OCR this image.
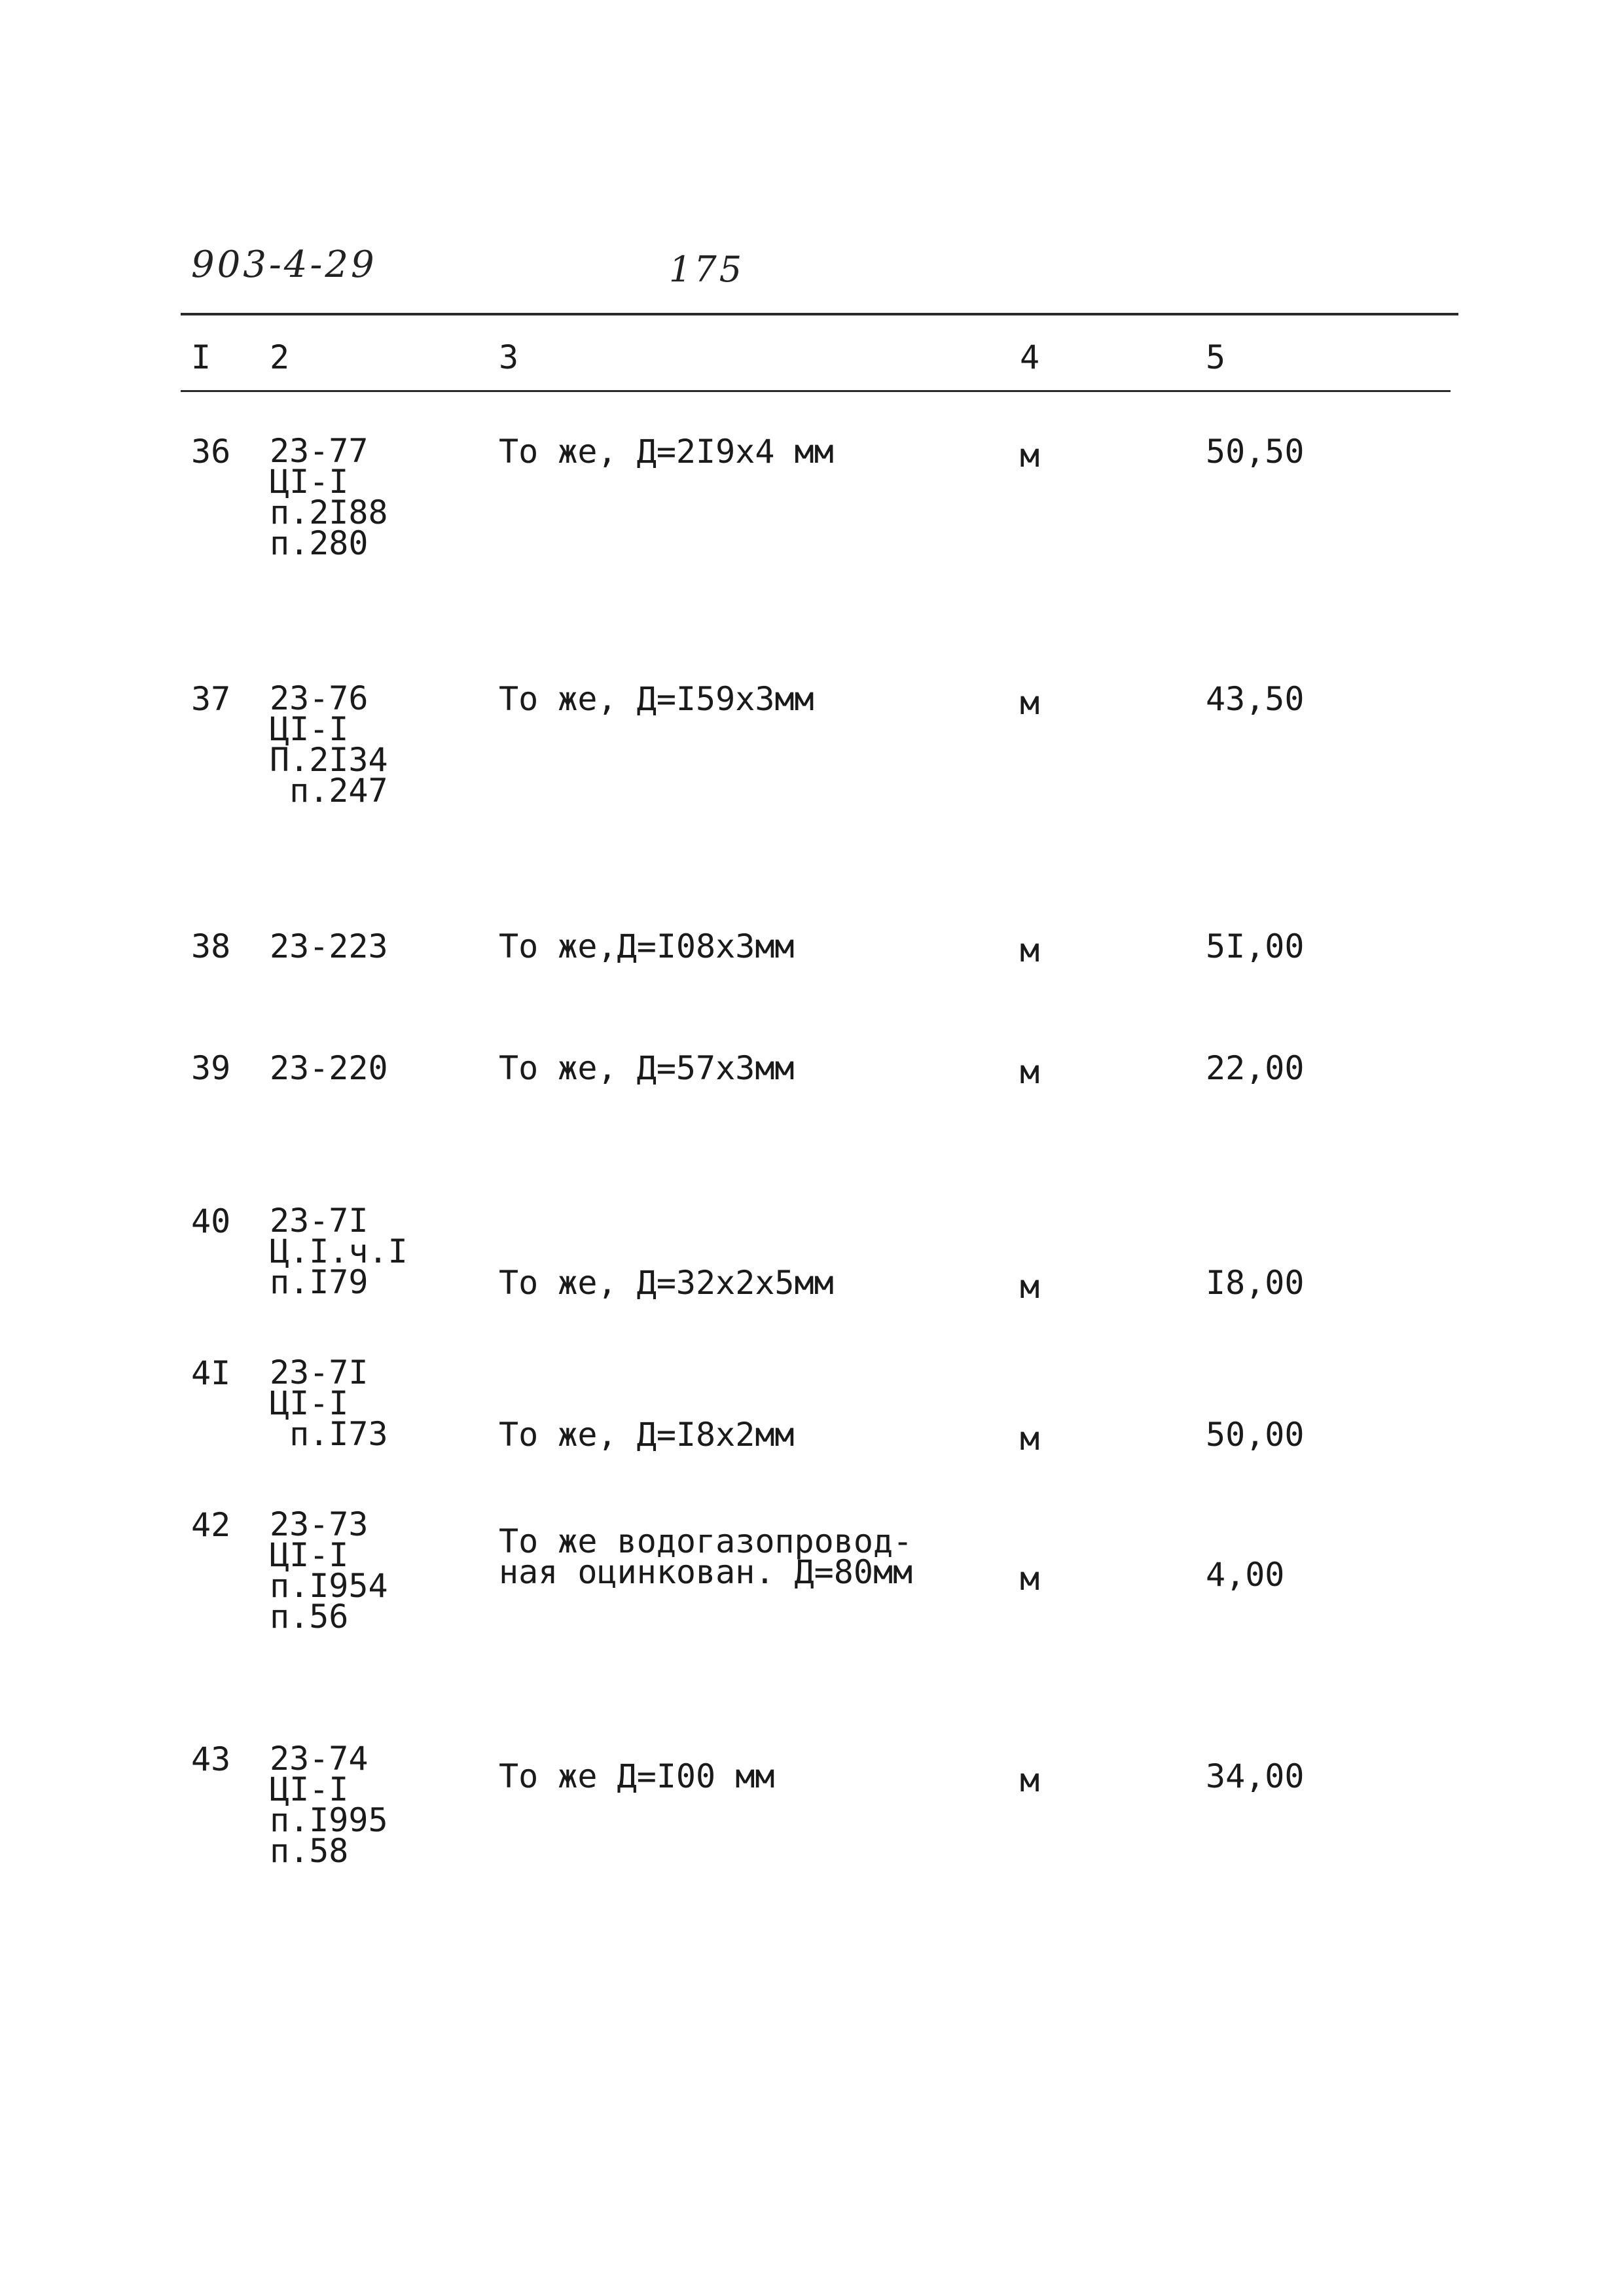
903-4-29	175
I 2	3	4	5
36 23-77
ЦI-I
п.2I88
п.280
То же, Д=2I9х4 мм	м	50,50
37 23-76
ЦI-I
П.2I34
п.247
То же, Д=I59х3мм	м	43,50
38 23-223	То же,Д=I08х3мм	м	5I,00
39 23-220	То же, Д=57х3мм	м	22,00
40 23-7I
Ц.I.ч.I
п.I79	То же, Д=32х2х5мм	м	I8,00
4I 23-7I
ЦI-I
п.I73	То же, Д=I8х2мм	м	50,00
42 23-73
ЦI-I
п.I954
п.56
То же водогазопровод-
ная оцинкован. Д=80мм	м	4,00
43 23-74
ЦI-I
п.I995
п.58
То же Д=I00 мм	м	34,00
